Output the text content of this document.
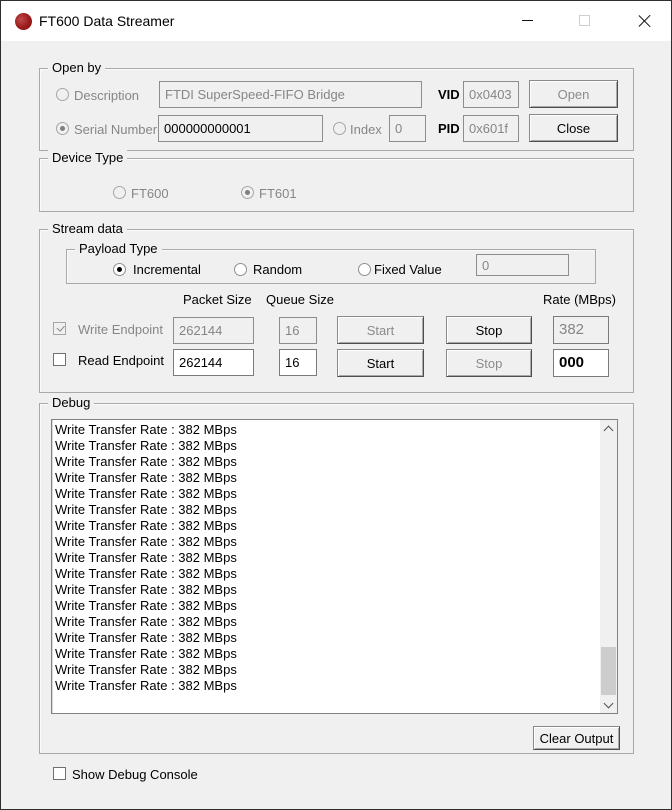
FT600 Data Streamer
Open by
Description	FTDI SuperSpeed-FIFO Bridge	VID 0x0403	Open
Serial Number 000000000001	Index	0	PID 0x601f	Close
Device Type
FT600	FT601
Stream data
Payload Type
Incremental	Random	Fixed Value	0
Packet Size Queue Size	Rate (MBps)
Write Endpoint	262144	16	Start	Stop	382
Read Endpoint	262144	16	Start	Stop	000
Debug
Write Transfer Rate : 382 MBps
Write Transfer Rate : 382 MBps
Write Transfer Rate : 382 MBps
Write Transfer Rate : 382 MBps
Write Transfer Rate : 382 MBps
Write Transfer Rate : 382 MBps
Write Transfer Rate : 382 MBps
Write Transfer Rate : 382 MBps
Write Transfer Rate : 382 MBps
Write Transfer Rate : 382 MBps
Write Transfer Rate : 382 MBps
Write Transfer Rate : 382 MBps
Write Transfer Rate : 382 MBps
Write Transfer Rate : 382 MBps
Write Transfer Rate : 382 MBps
Write Transfer Rate : 382 MBps
Write Transfer Rate : 382 MBps
Clear Output
Show Debug Console
